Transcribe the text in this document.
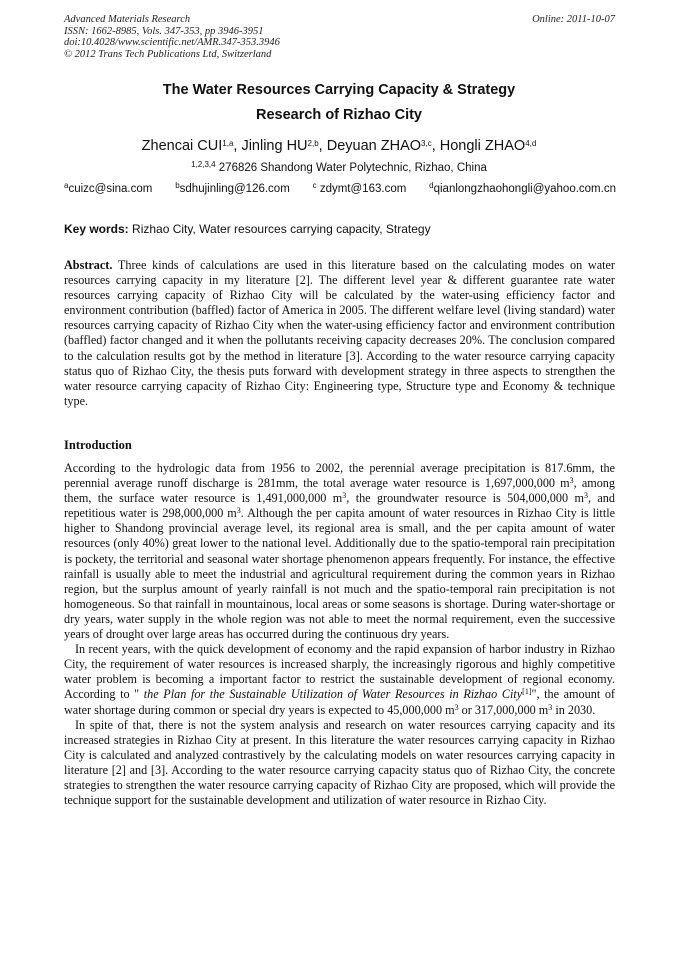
Advanced Materials Research
ISSN: 1662-8985, Vols. 347-353, pp 3946-3951
doi:10.4028/www.scientific.net/AMR.347-353.3946
© 2012 Trans Tech Publications Ltd, Switzerland
Online: 2011-10-07
The Water Resources Carrying Capacity & Strategy
Research of Rizhao City
Zhencai CUI$^{1,a}$, Jinling HU$^{2,b}$, Deyuan ZHAO$^{3,c}$, Hongli ZHAO$^{4,d}$
$^{1,2,3,4}$ 276826 Shandong Water Polytechnic, Rizhao, China
$^a$cuizc@sina.com	$^b$sdhujinling@126.com	$^c$ zdymt@163.com	$^d$qianlongzhaohongli@yahoo.com.cn
Key words: Rizhao City, Water resources carrying capacity, Strategy

Abstract. Three kinds of calculations are used in this literature based on the calculating modes on water resources carrying capacity in my literature [2]. The different level year & different guarantee rate water resources carrying capacity of Rizhao City will be calculated by the water-using efficiency factor and environment contribution (baffled) factor of America in 2005. The different welfare level (living standard) water resources carrying capacity of Rizhao City when the water-using efficiency factor and environment contribution (baffled) factor changed and it when the pollutants receiving capacity decreases 20%. The conclusion compared to the calculation results got by the method in literature [3]. According to the water resource carrying capacity status quo of Rizhao City, the thesis puts forward with development strategy in three aspects to strengthen the water resource carrying capacity of Rizhao City: Engineering type, Structure type and Economy & technique type.

Introduction

According to the hydrologic data from 1956 to 2002, the perennial average precipitation is 817.6mm, the perennial average runoff discharge is 281mm, the total average water resource is 1,697,000,000 $m^3$, among them, the surface water resource is 1,491,000,000 $m^3$, the groundwater resource is 504,000,000 $m^3$, and repetitious water is 298,000,000 $m^3$. Although the per capita amount of water resources in Rizhao City is little higher to Shandong provincial average level, its regional area is small, and the per capita amount of water resources (only 40%) great lower to the national level. Additionally due to the spatio-temporal rain precipitation is pockety, the territorial and seasonal water shortage phenomenon appears frequently. For instance, the effective rainfall is usually able to meet the industrial and agricultural requirement during the common years in Rizhao region, but the surplus amount of yearly rainfall is not much and the spatio-temporal rain precipitation is not homogeneous. So that rainfall in mountainous, local areas or some seasons is shortage. During water-shortage or dry years, water supply in the whole region was not able to meet the normal requirement, even the successive years of drought over large areas has occurred during the continuous dry years.

In recent years, with the quick development of economy and the rapid expansion of harbor industry in Rizhao City, the requirement of water resources is increased sharply, the increasingly rigorous and highly competitive water problem is becoming a important factor to restrict the sustainable development of regional economy. According to " the Plan for the Sustainable Utilization of Water Resources in Rizhao City[1]", the amount of water shortage during common or special dry years is expected to 45,000,000 $m^3$ or 317,000,000 $m^3$ in 2030.

In spite of that, there is not the system analysis and research on water resources carrying capacity and its increased strategies in Rizhao City at present. In this literature the water resources carrying capacity in Rizhao City is calculated and analyzed contrastively by the calculating models on water resources carrying capacity in literature [2] and [3]. According to the water resource carrying capacity status quo of Rizhao City, the concrete strategies to strengthen the water resource carrying capacity of Rizhao City are proposed, which will provide the technique support for the sustainable development and utilization of water resource in Rizhao City.
